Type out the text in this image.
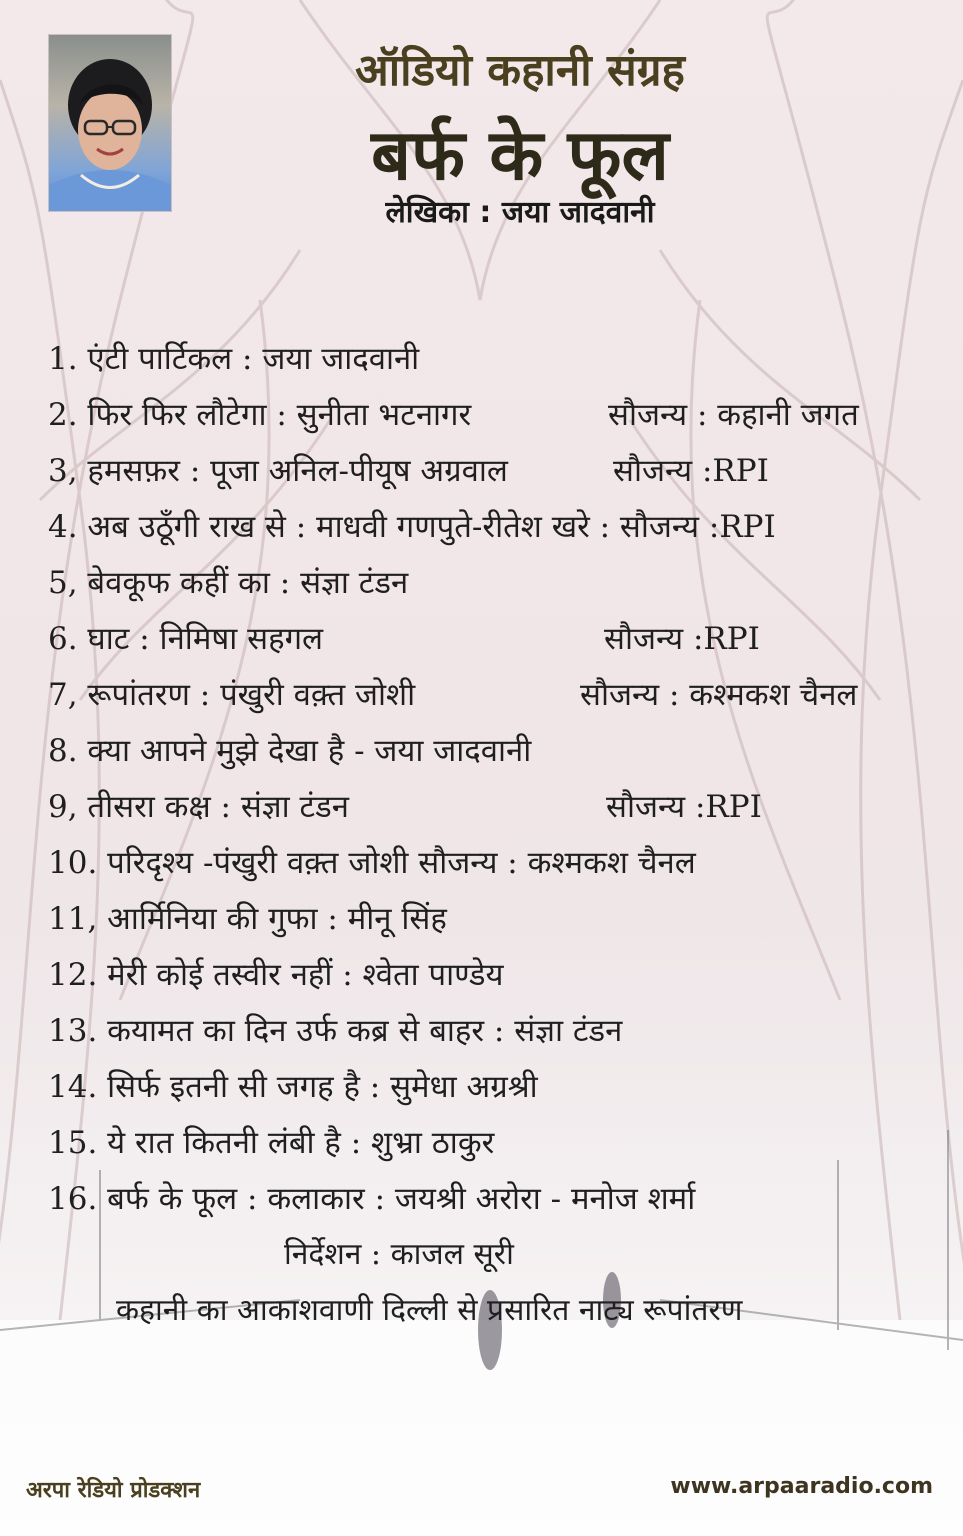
ऑडियो कहानी संग्रह
बर्फ के फूल
लेखिका : जया जादवानी
1. एंटी पार्टिकल : जया जादवानी
2. फिर फिर लौटेगा : सुनीता भटनागर	सौजन्य : कहानी जगत
3, हमसफ़र : पूजा अनिल-पीयूष अग्रवाल	सौजन्य :RPI
4. अब उठूँगी राख से : माधवी गणपुते-रीतेश खरे : सौजन्य :RPI
5, बेवकूफ कहीं का : संज्ञा टंडन
6. घाट : निमिषा सहगल	सौजन्य :RPI
7, रूपांतरण : पंखुरी वक़्त जोशी	सौजन्य : कश्मकश चैनल
8. क्या आपने मुझे देखा है - जया जादवानी
9, तीसरा कक्ष : संज्ञा टंडन	सौजन्य :RPI
10. परिदृश्य -पंखुरी वक़्त जोशी सौजन्य : कश्मकश चैनल
11, आर्मिनिया की गुफा : मीनू सिंह
12. मेरी कोई तस्वीर नहीं : श्वेता पाण्डेय
13. कयामत का दिन उर्फ कब्र से बाहर : संज्ञा टंडन
14. सिर्फ इतनी सी जगह है : सुमेधा अग्रश्री
15. ये रात कितनी लंबी है : शुभ्रा ठाकुर
16. बर्फ के फूल : कलाकार : जयश्री अरोरा - मनोज शर्मा
निर्देशन : काजल सूरी
कहानी का आकाशवाणी दिल्ली से प्रसारित नाट्य रूपांतरण
अरपा रेडियो प्रोडक्शन	www.arpaaradio.com
